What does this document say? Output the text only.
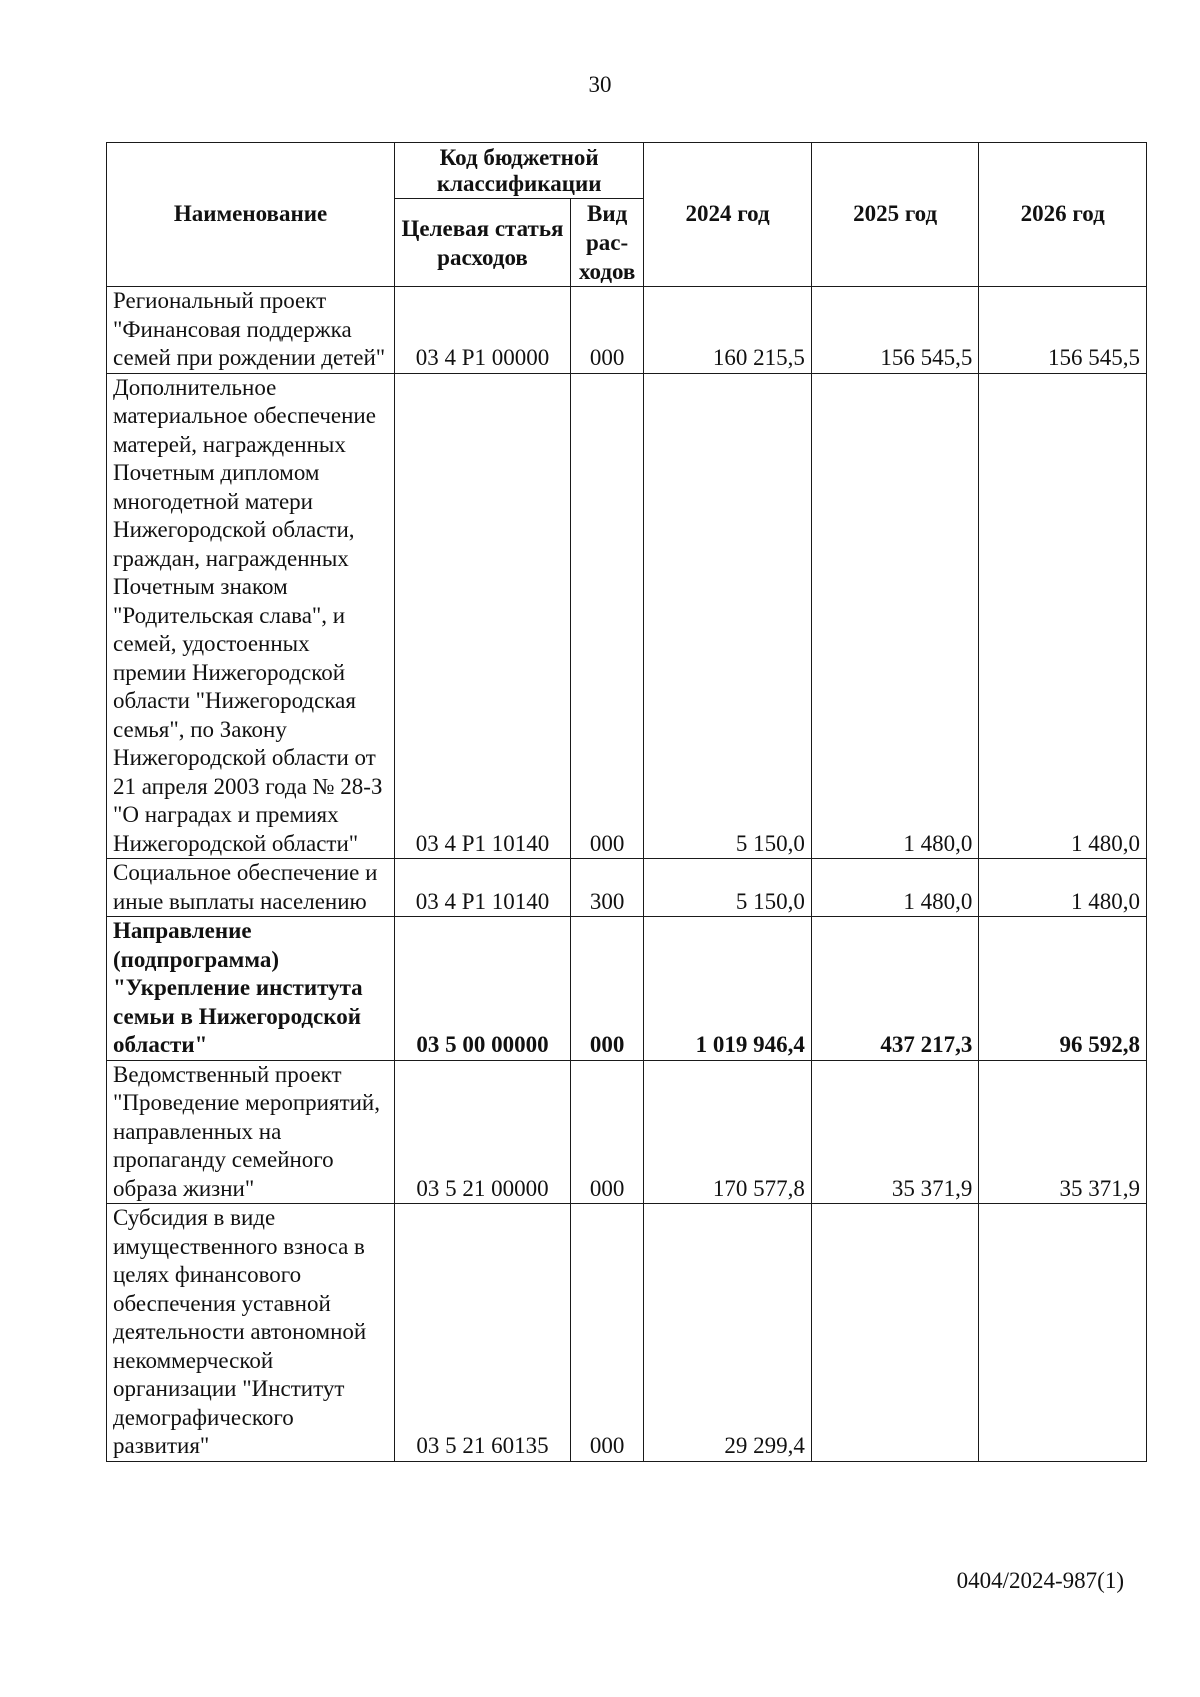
30
Наименование	Код бюджетной классификации		2024 год	2025 год	2026 год
	Целевая статья расходов	Вид рас-ходов			
Региональный проект "Финансовая поддержка семей при рождении детей"	03 4 Р1 00000	000	160 215,5	156 545,5	156 545,5
Дополнительное материальное обеспечение матерей, награжденных Почетным дипломом многодетной матери Нижегородской области, граждан, награжденных Почетным знаком "Родительская слава", и семей, удостоенных премии Нижегородской области "Нижегородская семья", по Закону Нижегородской области от 21 апреля 2003 года № 28-З "О наградах и премиях Нижегородской области"	03 4 Р1 10140	000	5 150,0	1 480,0	1 480,0
Социальное обеспечение и иные выплаты населению	03 4 Р1 10140	300	5 150,0	1 480,0	1 480,0
Направление (подпрограмма) "Укрепление института семьи в Нижегородской области"	03 5 00 00000	000	1 019 946,4	437 217,3	96 592,8
Ведомственный проект "Проведение мероприятий, направленных на пропаганду семейного образа жизни"	03 5 21 00000	000	170 577,8	35 371,9	35 371,9
Субсидия в виде имущественного взноса в целях финансового обеспечения уставной деятельности автономной некоммерческой организации "Институт демографического развития"	03 5 21 60135	000	29 299,4		
0404/2024-987(1)
